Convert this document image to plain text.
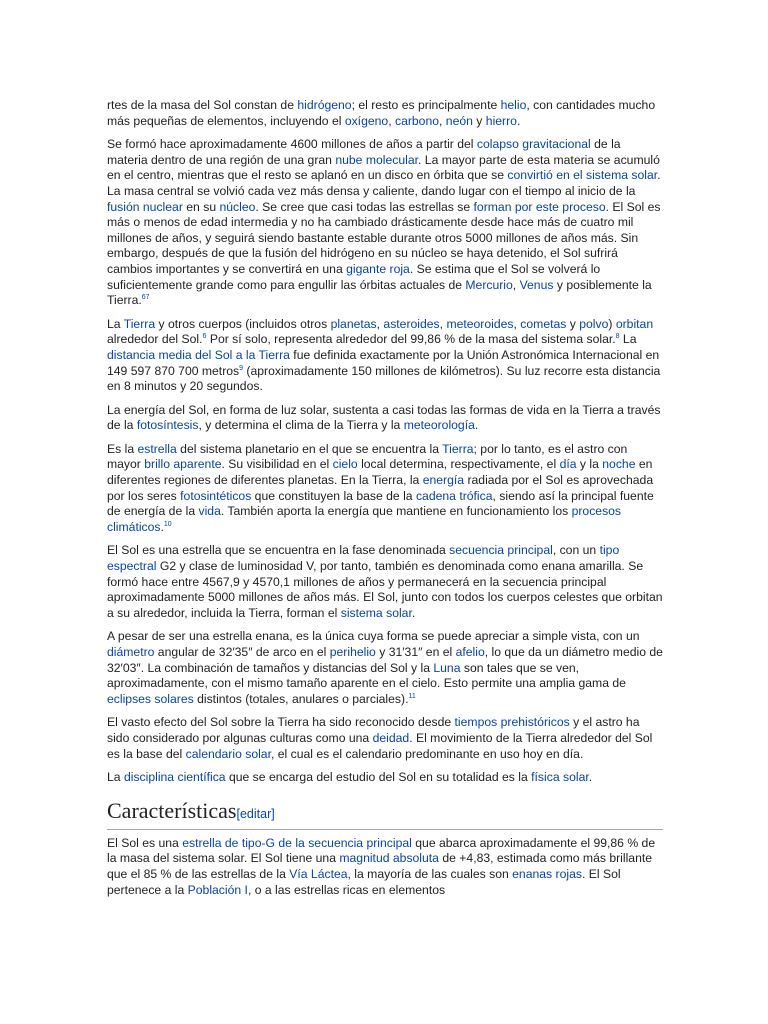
rtes de la masa del Sol constan de hidrógeno; el resto es principalmente helio, con cantidades mucho más pequeñas de elementos, incluyendo el oxígeno, carbono, neón y hierro.

Se formó hace aproximadamente 4600 millones de años a partir del colapso gravitacional de la materia dentro de una región de una gran nube molecular. La mayor parte de esta materia se acumuló en el centro, mientras que el resto se aplanó en un disco en órbita que se convirtió en el sistema solar. La masa central se volvió cada vez más densa y caliente, dando lugar con el tiempo al inicio de la fusión nuclear en su núcleo. Se cree que casi todas las estrellas se forman por este proceso. El Sol es más o menos de edad intermedia y no ha cambiado drásticamente desde hace más de cuatro mil millones de años, y seguirá siendo bastante estable durante otros 5000 millones de años más. Sin embargo, después de que la fusión del hidrógeno en su núcleo se haya detenido, el Sol sufrirá cambios importantes y se convertirá en una gigante roja. Se estima que el Sol se volverá lo suficientemente grande como para engullir las órbitas actuales de Mercurio, Venus y posiblemente la Tierra.$^{67}$

La Tierra y otros cuerpos (incluidos otros planetas, asteroides, meteoroides, cometas y polvo) orbitan alrededor del Sol.$^6$ Por sí solo, representa alrededor del 99,86 % de la masa del sistema solar.$^8$ La distancia media del Sol a la Tierra fue definida exactamente por la Unión Astronómica Internacional en 149 597 870 700 metros$^9$ (aproximadamente 150 millones de kilómetros). Su luz recorre esta distancia en 8 minutos y 20 segundos.

La energía del Sol, en forma de luz solar, sustenta a casi todas las formas de vida en la Tierra a través de la fotosíntesis, y determina el clima de la Tierra y la meteorología.

Es la estrella del sistema planetario en el que se encuentra la Tierra; por lo tanto, es el astro con mayor brillo aparente. Su visibilidad en el cielo local determina, respectivamente, el día y la noche en diferentes regiones de diferentes planetas. En la Tierra, la energía radiada por el Sol es aprovechada por los seres fotosintéticos que constituyen la base de la cadena trófica, siendo así la principal fuente de energía de la vida. También aporta la energía que mantiene en funcionamiento los procesos climáticos.$^{10}$

El Sol es una estrella que se encuentra en la fase denominada secuencia principal, con un tipo espectral G2 y clase de luminosidad V, por tanto, también es denominada como enana amarilla. Se formó hace entre 4567,9 y 4570,1 millones de años y permanecerá en la secuencia principal aproximadamente 5000 millones de años más. El Sol, junto con todos los cuerpos celestes que orbitan a su alrededor, incluida la Tierra, forman el sistema solar.

A pesar de ser una estrella enana, es la única cuya forma se puede apreciar a simple vista, con un diámetro angular de 32′35″ de arco en el perihelio y 31′31″ en el afelio, lo que da un diámetro medio de 32′03″. La combinación de tamaños y distancias del Sol y la Luna son tales que se ven, aproximadamente, con el mismo tamaño aparente en el cielo. Esto permite una amplia gama de eclipses solares distintos (totales, anulares o parciales).$^{11}$

El vasto efecto del Sol sobre la Tierra ha sido reconocido desde tiempos prehistóricos y el astro ha sido considerado por algunas culturas como una deidad. El movimiento de la Tierra alrededor del Sol es la base del calendario solar, el cual es el calendario predominante en uso hoy en día.

La disciplina científica que se encarga del estudio del Sol en su totalidad es la física solar.

Características[editar]

El Sol es una estrella de tipo-G de la secuencia principal que abarca aproximadamente el 99,86 % de la masa del sistema solar. El Sol tiene una magnitud absoluta de +4,83, estimada como más brillante que el 85 % de las estrellas de la Vía Láctea, la mayoría de las cuales son enanas rojas. El Sol pertenece a la Población I, o a las estrellas ricas en elementos
